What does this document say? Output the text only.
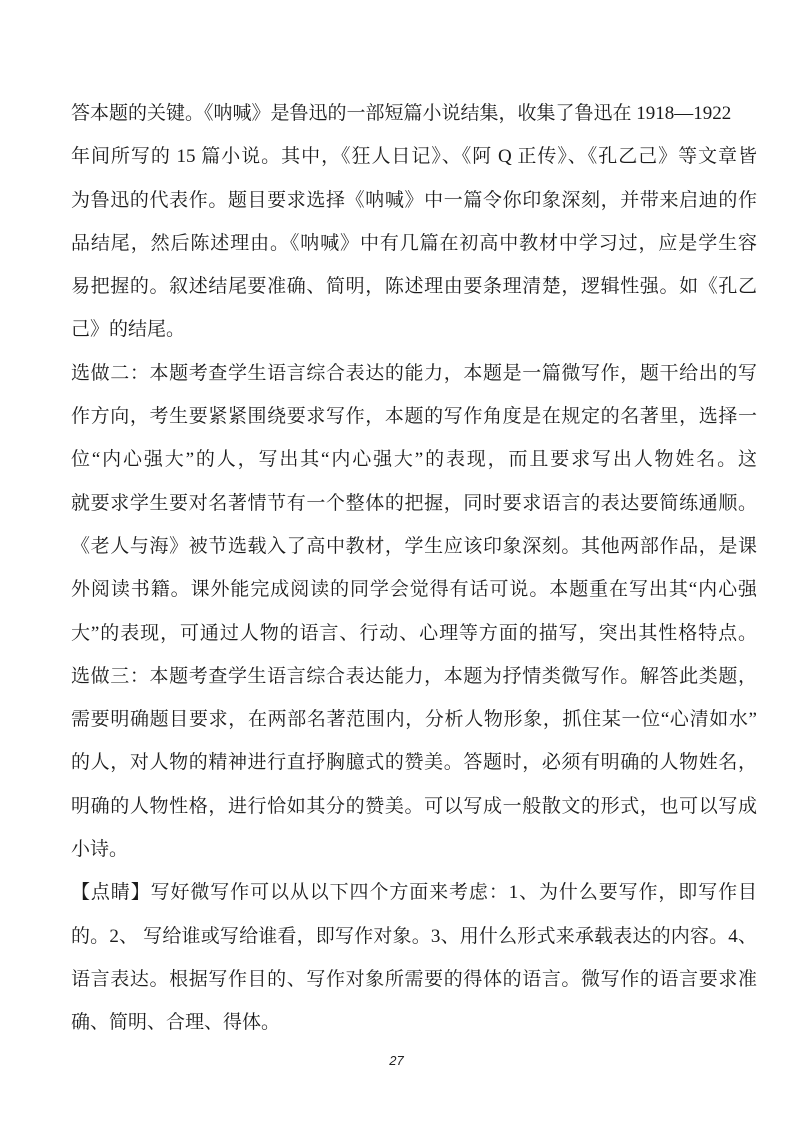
答本题的关键。《呐喊》是鲁迅的一部短篇小说结集，收集了鲁迅在 1918—1922
年间所写的 15 篇小说。其中，《狂人日记》、《阿 Q 正传》、《孔乙己》等文章皆
为鲁迅的代表作。题目要求选择《呐喊》中一篇令你印象深刻，并带来启迪的作
品结尾，然后陈述理由。《呐喊》中有几篇在初高中教材中学习过，应是学生容
易把握的。叙述结尾要准确、简明，陈述理由要条理清楚，逻辑性强。如《孔乙
己》的结尾。
选做二：本题考查学生语言综合表达的能力，本题是一篇微写作，题干给出的写
作方向，考生要紧紧围绕要求写作，本题的写作角度是在规定的名著里，选择一
位“内心强大”的人，写出其“内心强大”的表现，而且要求写出人物姓名。这
就要求学生要对名著情节有一个整体的把握，同时要求语言的表达要简练通顺。
《老人与海》被节选载入了高中教材，学生应该印象深刻。其他两部作品，是课
外阅读书籍。课外能完成阅读的同学会觉得有话可说。本题重在写出其“内心强
大”的表现，可通过人物的语言、行动、心理等方面的描写，突出其性格特点。
选做三：本题考查学生语言综合表达能力，本题为抒情类微写作。解答此类题，
需要明确题目要求，在两部名著范围内，分析人物形象，抓住某一位“心清如水”
的人，对人物的精神进行直抒胸臆式的赞美。答题时，必须有明确的人物姓名，
明确的人物性格，进行恰如其分的赞美。可以写成一般散文的形式，也可以写成
小诗。
【点睛】写好微写作可以从以下四个方面来考虑：1、为什么要写作，即写作目
的。2、 写给谁或写给谁看，即写作对象。3、用什么形式来承载表达的内容。4、
语言表达。根据写作目的、写作对象所需要的得体的语言。微写作的语言要求准
确、简明、合理、得体。
27
